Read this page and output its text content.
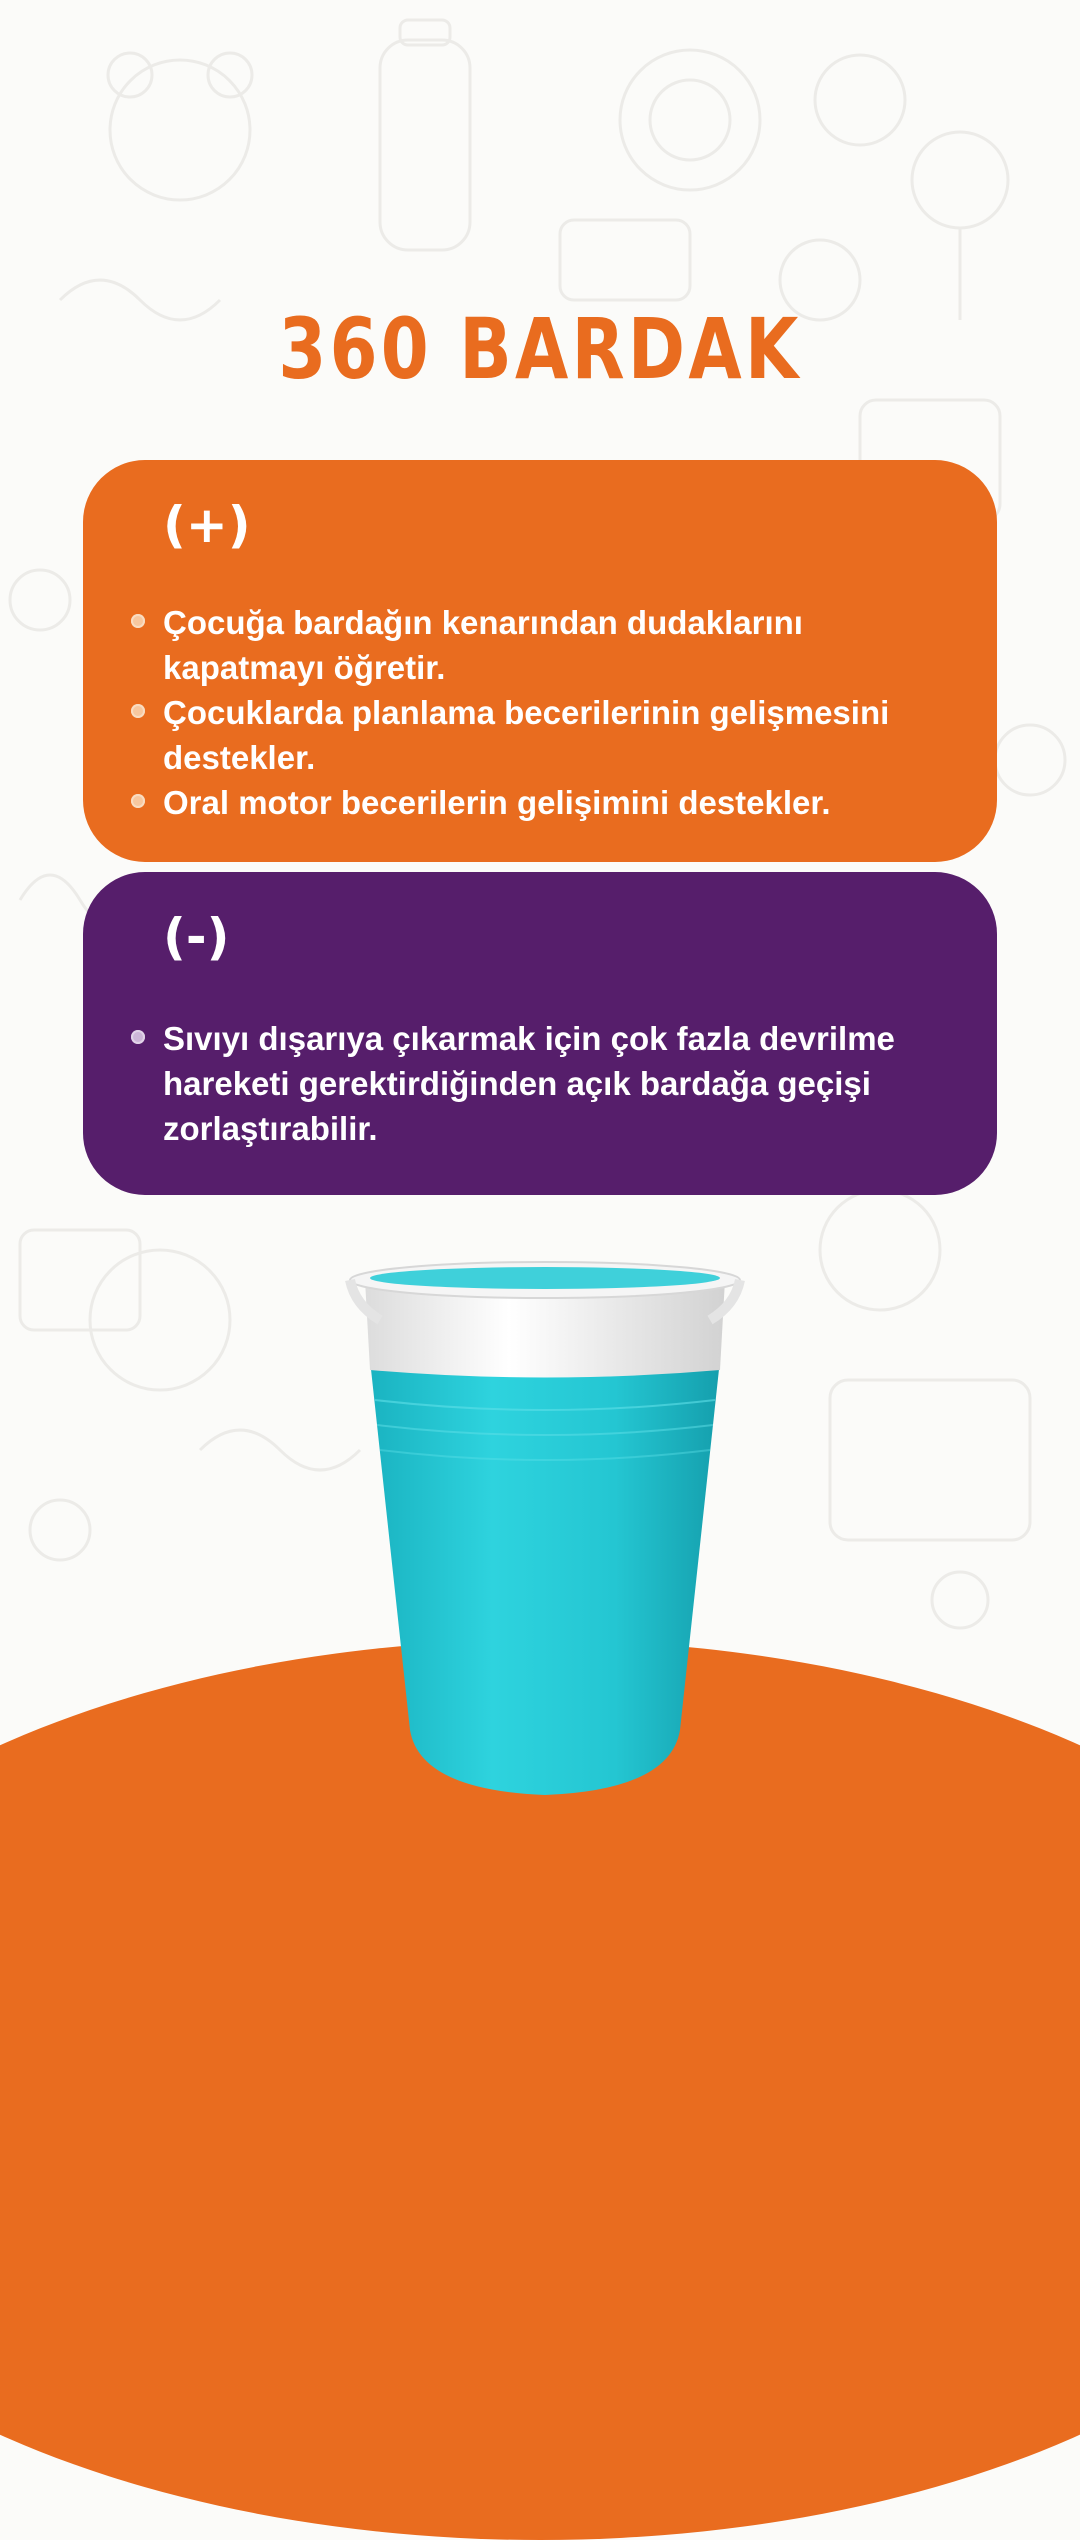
360 BARDAK
(+)
Çocuğa bardağın kenarından dudaklarını kapatmayı öğretir.
Çocuklarda planlama becerilerinin gelişmesini destekler.
Oral motor becerilerin gelişimini destekler.
(-)
Sıvıyı dışarıya çıkarmak için çok fazla devrilme hareketi gerektirdiğinden açık bardağa geçişi zorlaştırabilir.
